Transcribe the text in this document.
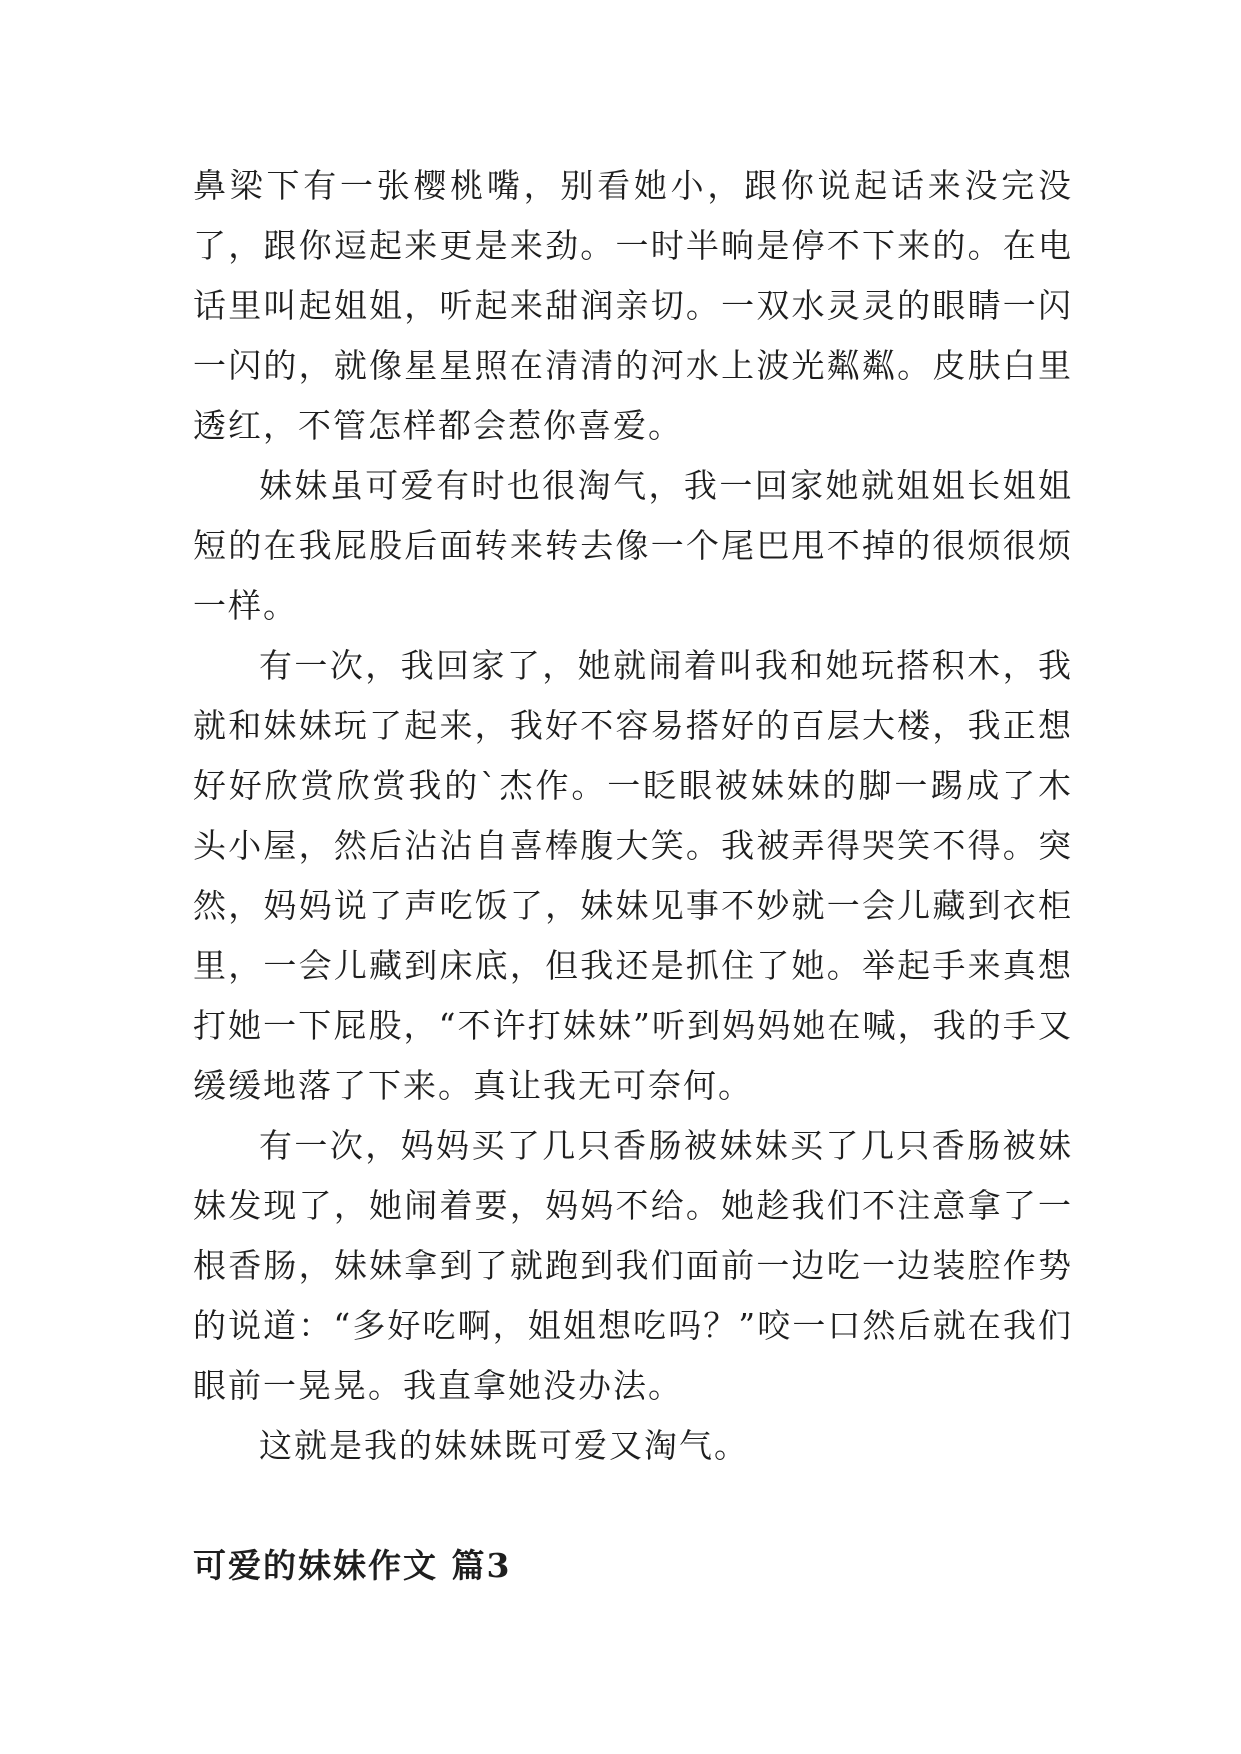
鼻梁下有一张樱桃嘴，别看她小，跟你说起话来没完没了，跟你逗起来更是来劲。一时半晌是停不下来的。在电话里叫起姐姐，听起来甜润亲切。一双水灵灵的眼睛一闪一闪的，就像星星照在清清的河水上波光粼粼。皮肤白里透红，不管怎样都会惹你喜爱。

妹妹虽可爱有时也很淘气，我一回家她就姐姐长姐姐短的在我屁股后面转来转去像一个尾巴甩不掉的很烦很烦一样。

有一次，我回家了，她就闹着叫我和她玩搭积木，我就和妹妹玩了起来，我好不容易搭好的百层大楼，我正想好好欣赏欣赏我的`杰作。一眨眼被妹妹的脚一踢成了木头小屋，然后沾沾自喜棒腹大笑。我被弄得哭笑不得。突然，妈妈说了声吃饭了，妹妹见事不妙就一会儿藏到衣柜里，一会儿藏到床底，但我还是抓住了她。举起手来真想打她一下屁股，“不许打妹妹”听到妈妈她在喊，我的手又缓缓地落了下来。真让我无可奈何。

有一次，妈妈买了几只香肠被妹妹买了几只香肠被妹妹发现了，她闹着要，妈妈不给。她趁我们不注意拿了一根香肠，妹妹拿到了就跑到我们面前一边吃一边装腔作势的说道：“多好吃啊，姐姐想吃吗？”咬一口然后就在我们眼前一晃晃。我直拿她没办法。

这就是我的妹妹既可爱又淘气。

可爱的妹妹作文 篇3
